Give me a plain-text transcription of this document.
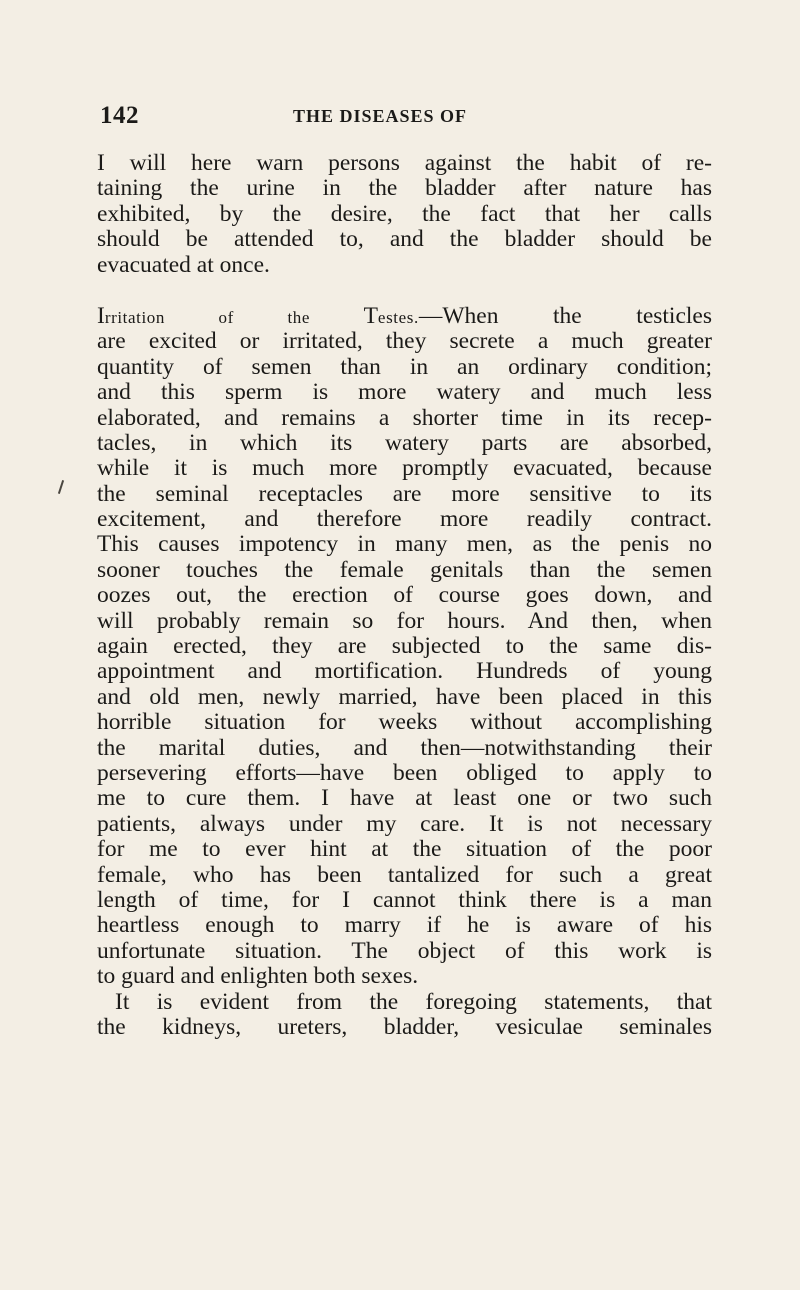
142	THE DISEASES OF
I will here warn persons against the habit of re-
taining the urine in the bladder after nature has
exhibited, by the desire, the fact that her calls
should be attended to, and the bladder should be
evacuated at once.
Irritation of the Testes.—When the testicles
are excited or irritated, they secrete a much greater
quantity of semen than in an ordinary condition;
and this sperm is more watery and much less
elaborated, and remains a shorter time in its recep-
tacles, in which its watery parts are absorbed,
while it is much more promptly evacuated, because
the seminal receptacles are more sensitive to its
excitement, and therefore more readily contract.
This causes impotency in many men, as the penis no
sooner touches the female genitals than the semen
oozes out, the erection of course goes down, and
will probably remain so for hours. And then, when
again erected, they are subjected to the same dis-
appointment and mortification. Hundreds of young
and old men, newly married, have been placed in this
horrible situation for weeks without accomplishing
the marital duties, and then—notwithstanding their
persevering efforts—have been obliged to apply to
me to cure them. I have at least one or two such
patients, always under my care. It is not necessary
for me to ever hint at the situation of the poor
female, who has been tantalized for such a great
length of time, for I cannot think there is a man
heartless enough to marry if he is aware of his
unfortunate situation. The object of this work is
to guard and enlighten both sexes.
It is evident from the foregoing statements, that
the kidneys, ureters, bladder, vesiculae seminales
